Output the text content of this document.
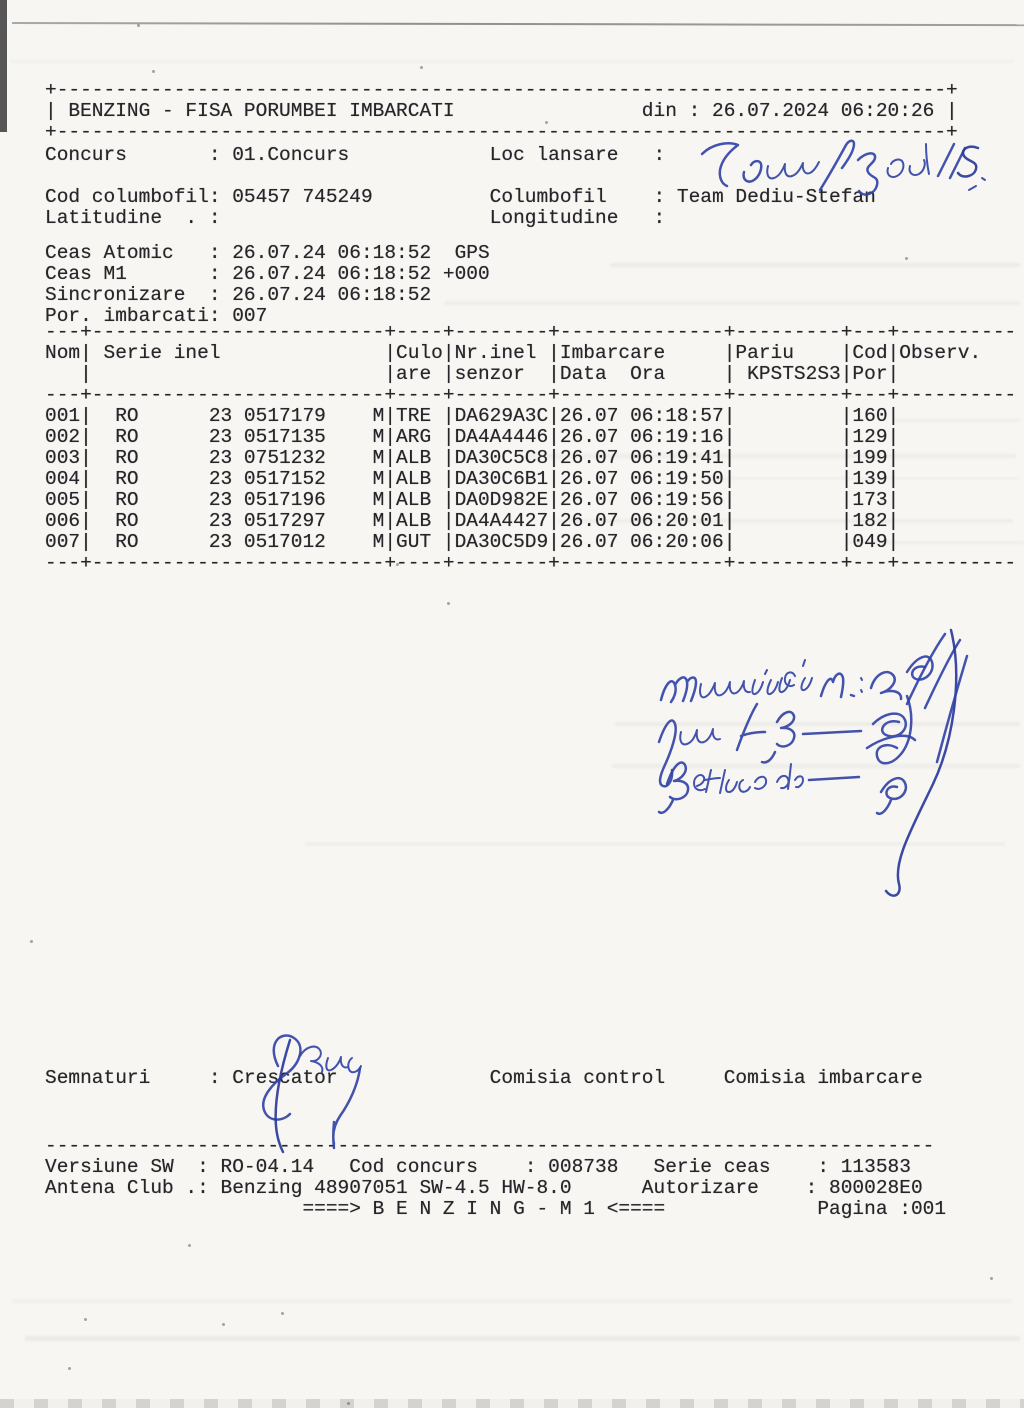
+----------------------------------------------------------------------------+
| BENZING - FISA PORUMBEI IMBARCATI                din : 26.07.2024 06:20:26 |
+----------------------------------------------------------------------------+
Concurs       : 01.Concurs            Loc lansare   :
Cod columbofil: 05457 745249          Columbofil    : Team Dediu-Stefan
Latitudine  . :                       Longitudine   :
Ceas Atomic   : 26.07.24 06:18:52  GPS
Ceas M1       : 26.07.24 06:18:52 +000
Sincronizare  : 26.07.24 06:18:52
Por. imbarcati: 007
---+-------------------------+----+--------+--------------+---------+---+----------
Nom| Serie inel              |Culo|Nr.inel |Imbarcare     |Pariu    |Cod|Observ.
|                         |are |senzor  |Data  Ora     | KPSTS2S3|Por|
---+-------------------------+----+--------+--------------+---------+---+----------
001|  RO      23 0517179    M|TRE |DA629A3C|26.07 06:18:57|         |160|
002|  RO      23 0517135    M|ARG |DA4A4446|26.07 06:19:16|         |129|
003|  RO      23 0751232    M|ALB |DA30C5C8|26.07 06:19:41|         |199|
004|  RO      23 0517152    M|ALB |DA30C6B1|26.07 06:19:50|         |139|
005|  RO      23 0517196    M|ALB |DA0D982E|26.07 06:19:56|         |173|
006|  RO      23 0517297    M|ALB |DA4A4427|26.07 06:20:01|         |182|
007|  RO      23 0517012    M|GUT |DA30C5D9|26.07 06:20:06|         |049|
---+-------------------------+----+--------+--------------+---------+---+----------
Semnaturi     : Crescator             Comisia control     Comisia imbarcare
----------------------------------------------------------------------------
Versiune SW  : RO-04.14   Cod concurs    : 008738   Serie ceas    : 113583
Antena Club .: Benzing 48907051 SW-4.5 HW-8.0      Autorizare    : 800028E0
====> B E N Z I N G - M 1 <====             Pagina :001
